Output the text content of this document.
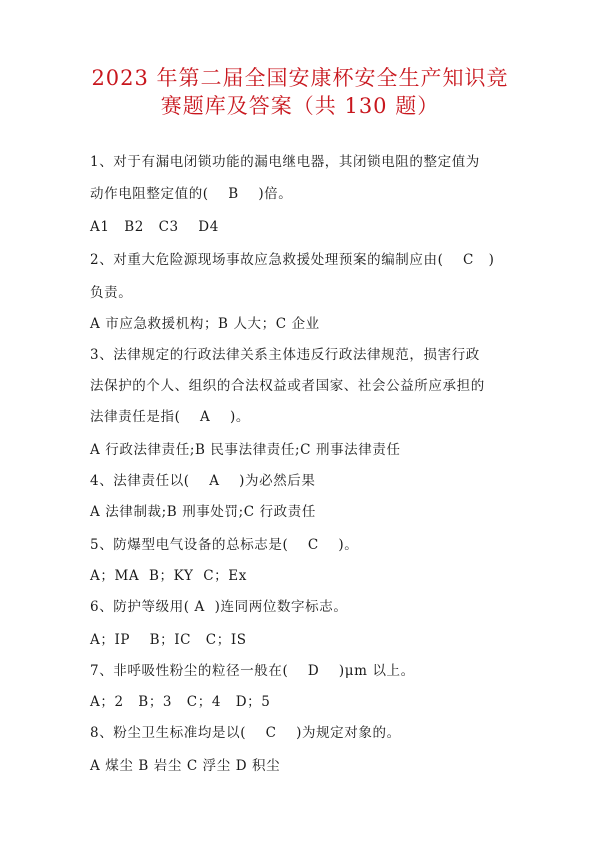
2023 年第二届全国安康杯安全生产知识竞
赛题库及答案（共 130 题）
1、对于有漏电闭锁功能的漏电继电器，其闭锁电阻的整定值为
动作电阻整定值的(    B    )倍。
A1   B2   C3    D4
2、对重大危险源现场事故应急救援处理预案的编制应由(    C   )
负责。
A 市应急救援机构；B 人大；C 企业
3、法律规定的行政法律关系主体违反行政法律规范，损害行政
法保护的个人、组织的合法权益或者国家、社会公益所应承担的
法律责任是指(    A    )。
A 行政法律责任;B 民事法律责任;C 刑事法律责任
4、法律责任以(    A    )为必然后果
A 法律制裁;B 刑事处罚;C 行政责任
5、防爆型电气设备的总标志是(    C    )。
A；MA  B；KY  C；Ex
6、防护等级用( A  )连同两位数字标志。
A；IP    B；IC   C；IS
7、非呼吸性粉尘的粒径一般在(    D    )μm 以上。
A；2   B；3   C；4   D；5
8、粉尘卫生标准均是以(    C    )为规定对象的。
A 煤尘 B 岩尘 C 浮尘 D 积尘
